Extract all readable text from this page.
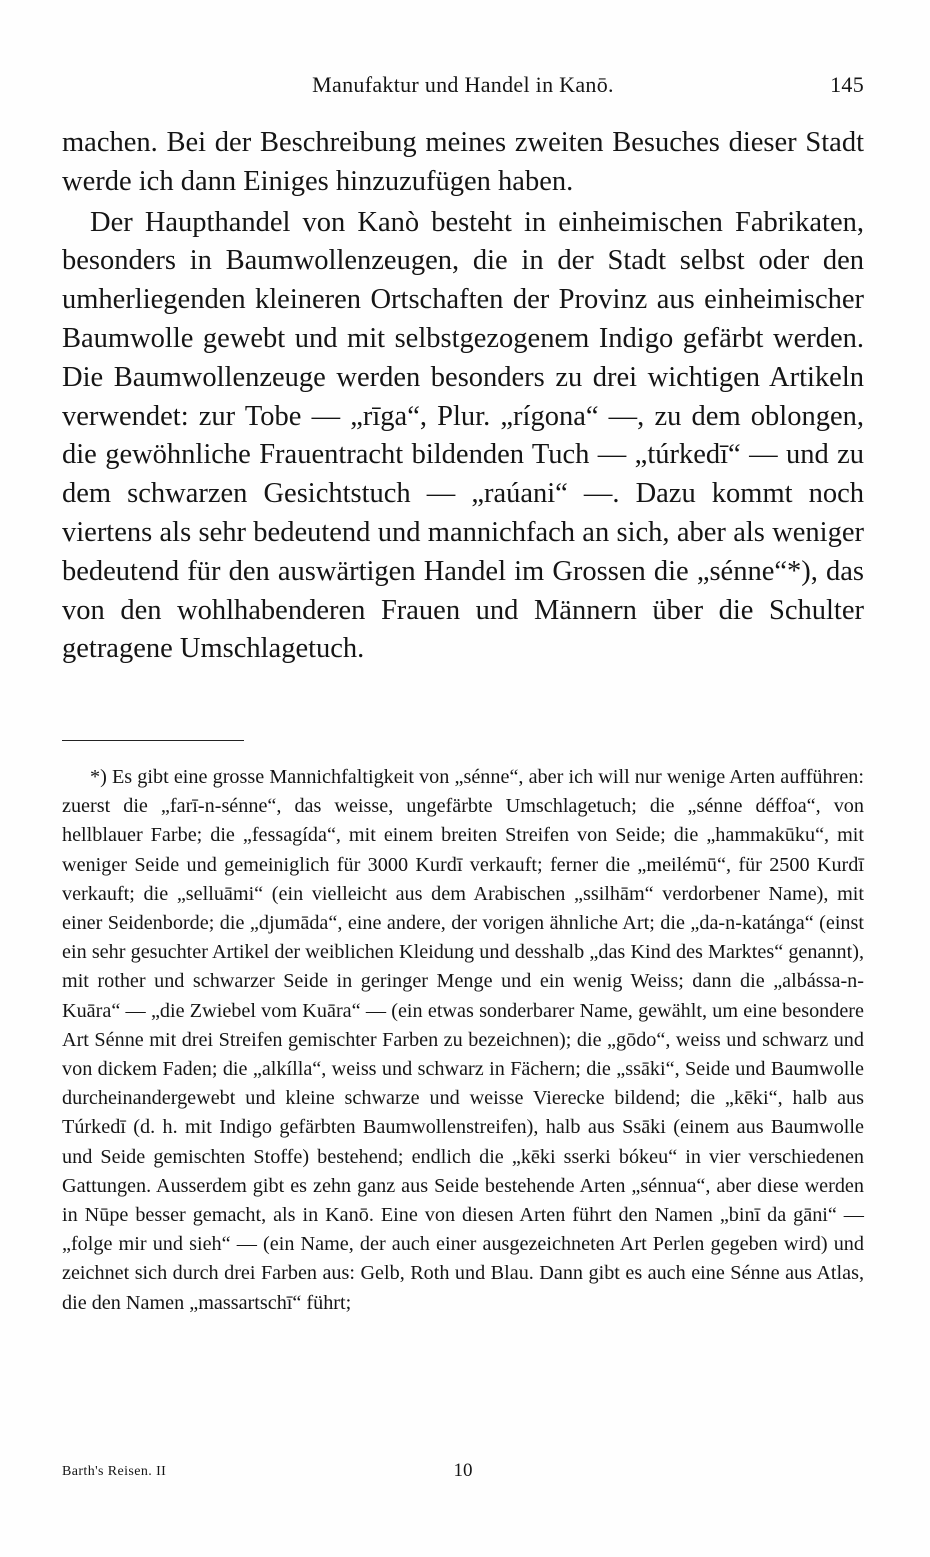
Manufaktur und Handel in Kanō.	145

machen. Bei der Beschreibung meines zweiten Besuches dieser Stadt werde ich dann Einiges hinzuzufügen haben.

Der Haupthandel von Kanò besteht in einheimischen Fabrikaten, besonders in Baumwollenzeugen, die in der Stadt selbst oder den umherliegenden kleineren Ortschaften der Provinz aus einheimischer Baumwolle gewebt und mit selbstgezogenem Indigo gefärbt werden. Die Baumwollenzeuge werden besonders zu drei wichtigen Artikeln verwendet: zur Tobe — „rīga“, Plur. „rígona“ —, zu dem oblongen, die gewöhnliche Frauentracht bildenden Tuch — „túrkedī“ — und zu dem schwarzen Gesichtstuch — „raúani“ —. Dazu kommt noch viertens als sehr bedeutend und mannichfach an sich, aber als weniger bedeutend für den auswärtigen Handel im Grossen die „sénne“*), das von den wohlhabenderen Frauen und Männern über die Schulter getragene Umschlagetuch.

*) Es gibt eine grosse Mannichfaltigkeit von „sénne“, aber ich will nur wenige Arten aufführen: zuerst die „farī-n-sénne“, das weisse, ungefärbte Umschlagetuch; die „sénne déffoa“, von hellblauer Farbe; die „fessagída“, mit einem breiten Streifen von Seide; die „hammakūku“, mit weniger Seide und gemeiniglich für 3000 Kurdī verkauft; ferner die „meilémū“, für 2500 Kurdī verkauft; die „selluāmi“ (ein vielleicht aus dem Arabischen „ssilhām“ verdorbener Name), mit einer Seidenborde; die „djumāda“, eine andere, der vorigen ähnliche Art; die „da-n-katánga“ (einst ein sehr gesuchter Artikel der weiblichen Kleidung und desshalb „das Kind des Marktes“ genannt), mit rother und schwarzer Seide in geringer Menge und ein wenig Weiss; dann die „albássa-n-Kuāra“ — „die Zwiebel vom Kuāra“ — (ein etwas sonderbarer Name, gewählt, um eine besondere Art Sénne mit drei Streifen gemischter Farben zu bezeichnen); die „gōdo“, weiss und schwarz und von dickem Faden; die „alkílla“, weiss und schwarz in Fächern; die „ssāki“, Seide und Baumwolle durcheinandergewebt und kleine schwarze und weisse Vierecke bildend; die „kēki“, halb aus Túrkedī (d. h. mit Indigo gefärbten Baumwollenstreifen), halb aus Ssāki (einem aus Baumwolle und Seide gemischten Stoffe) bestehend; endlich die „kēki sserki bókeu“ in vier verschiedenen Gattungen. Ausserdem gibt es zehn ganz aus Seide bestehende Arten „sénnua“, aber diese werden in Nūpe besser gemacht, als in Kanō. Eine von diesen Arten führt den Namen „binī da gāni“ — „folge mir und sieh“ — (ein Name, der auch einer ausgezeichneten Art Perlen gegeben wird) und zeichnet sich durch drei Farben aus: Gelb, Roth und Blau. Dann gibt es auch eine Sénne aus Atlas, die den Namen „massartschī“ führt;
Barth's Reisen. II	10
